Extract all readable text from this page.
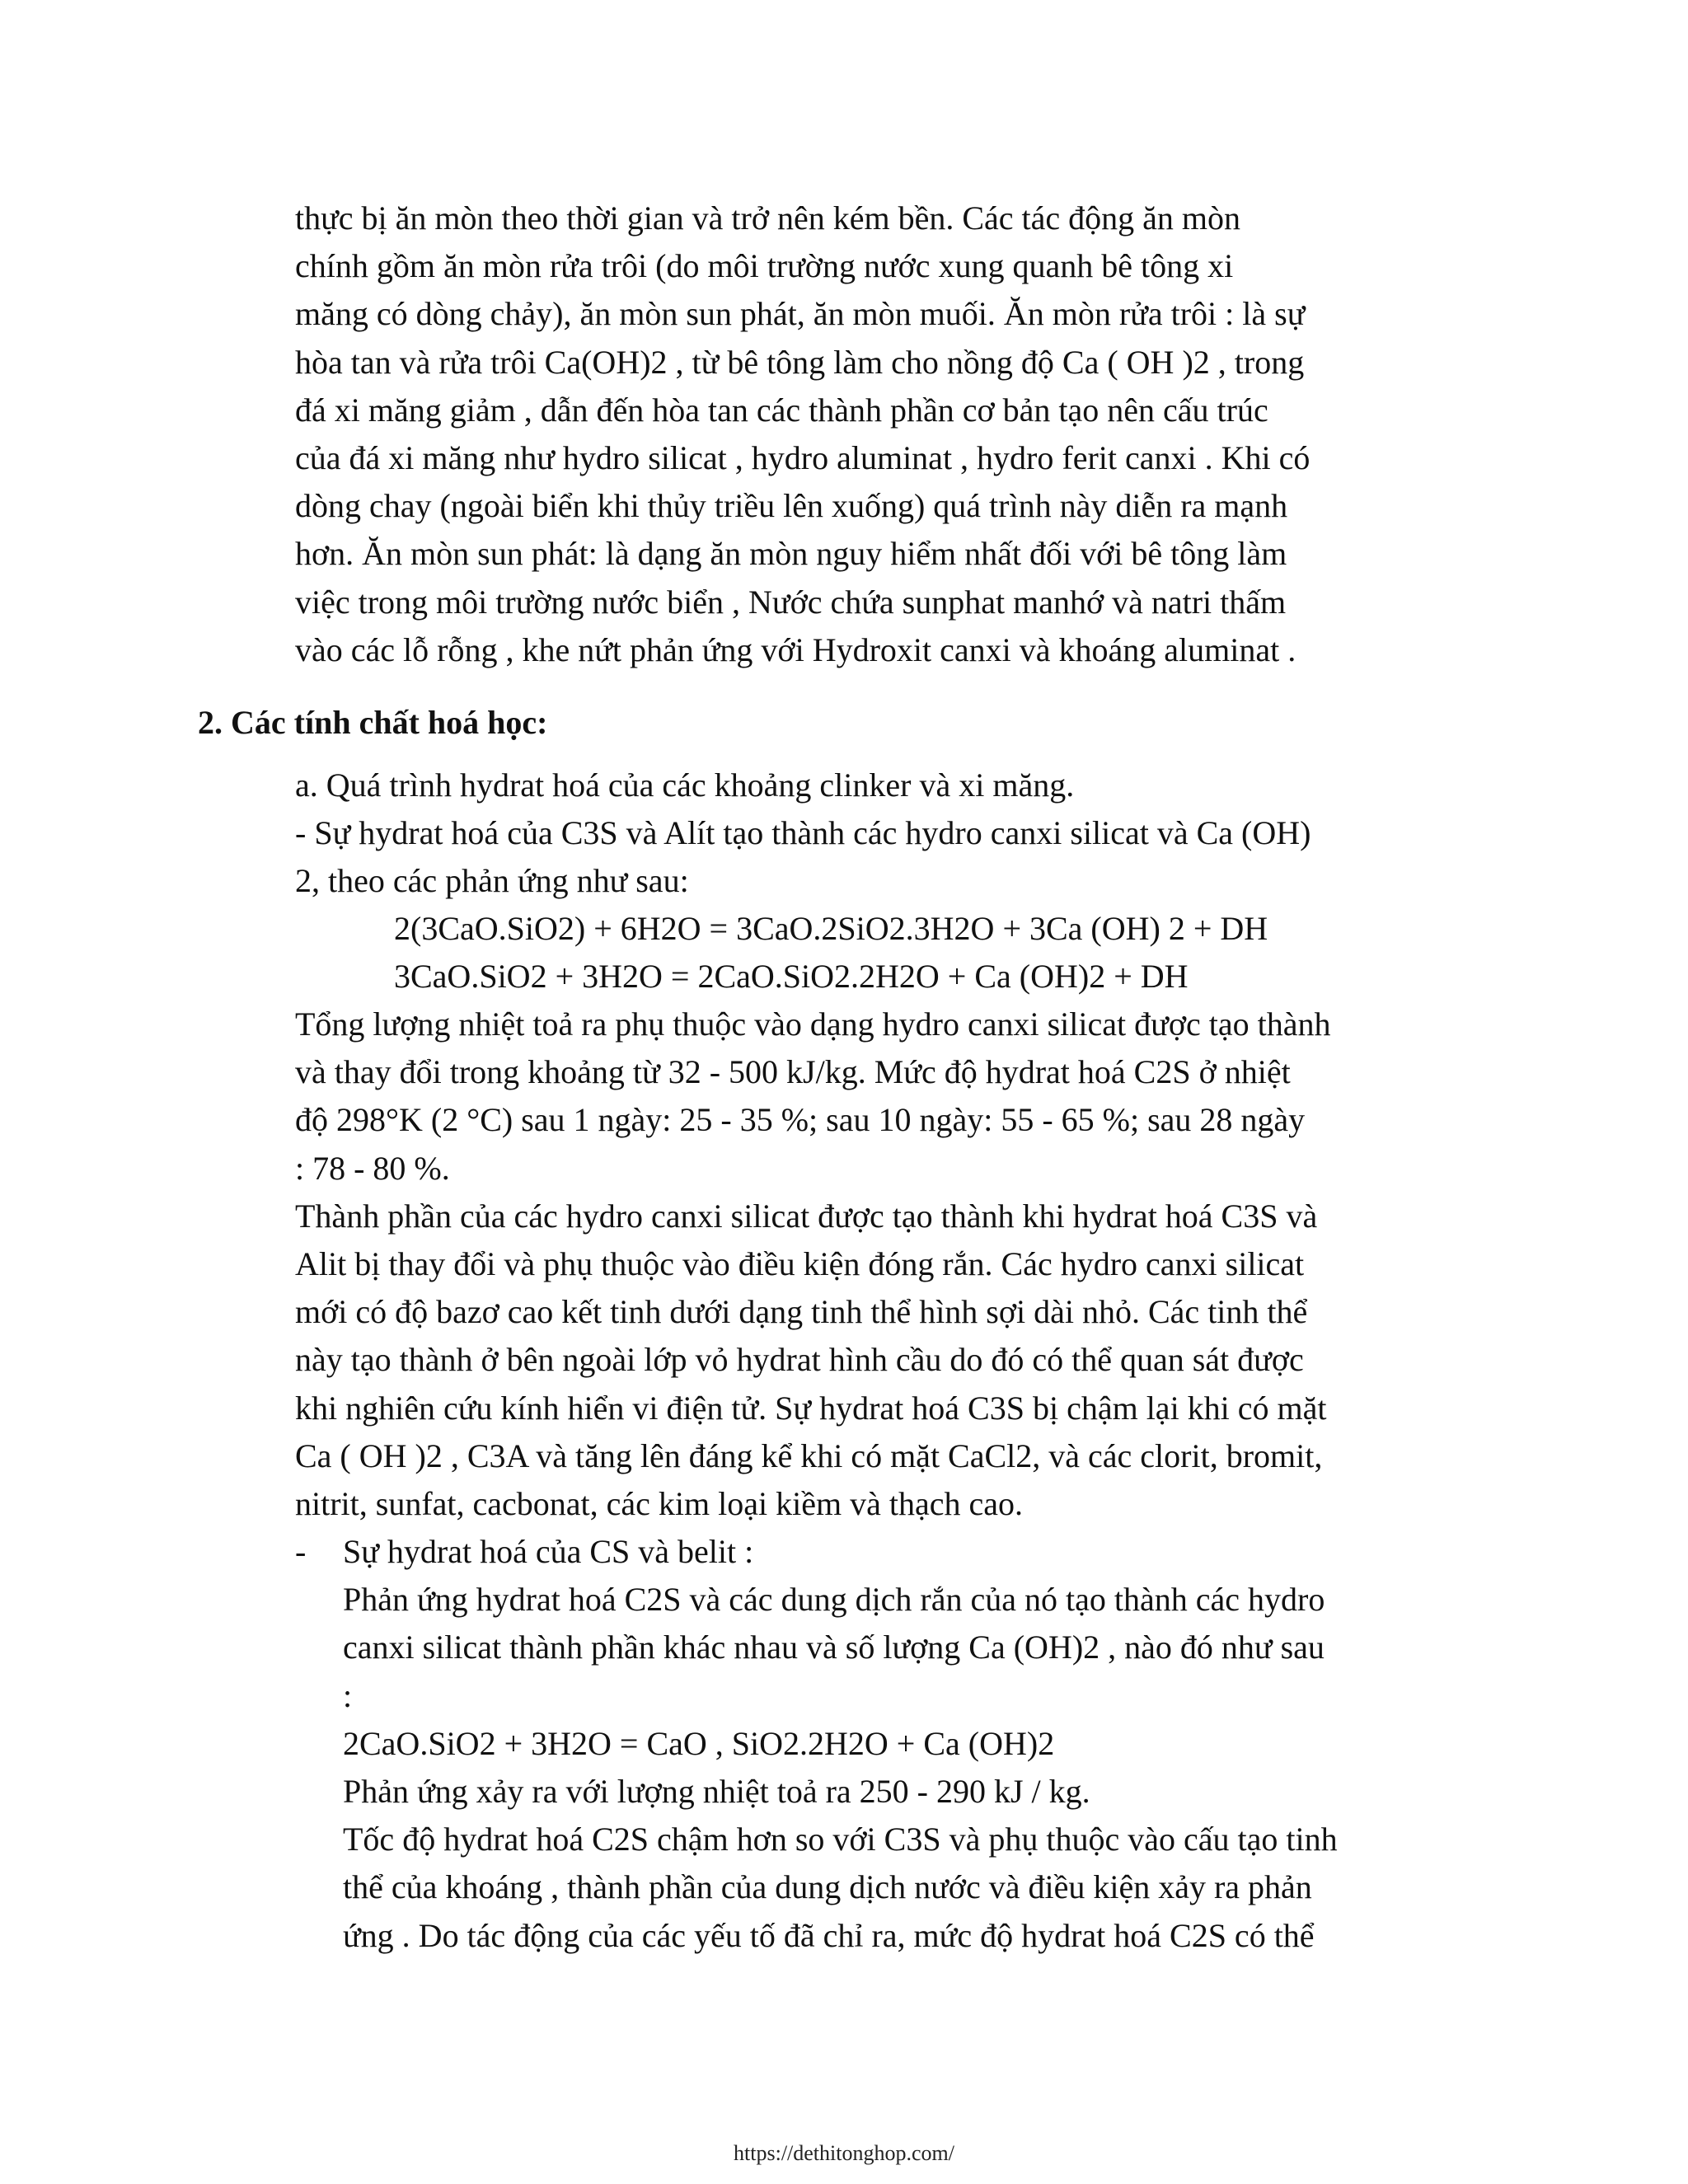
thực bị ăn mòn theo thời gian và trở nên kém bền. Các tác động ăn mòn
chính gồm ăn mòn rửa trôi (do môi trường nước xung quanh bê tông xi
măng có dòng chảy), ăn mòn sun phát, ăn mòn muối. Ăn mòn rửa trôi : là sự
hòa tan và rửa trôi Ca(OH)2 , từ bê tông làm cho nồng độ Ca ( OH )2 , trong
đá xi măng giảm , dẫn đến hòa tan các thành phần cơ bản tạo nên cấu trúc
của đá xi măng như hydro silicat , hydro aluminat , hydro ferit canxi . Khi có
dòng chay (ngoài biển khi thủy triều lên xuống) quá trình này diễn ra mạnh
hơn. Ăn mòn sun phát: là dạng ăn mòn nguy hiểm nhất đối với bê tông làm
việc trong môi trường nước biển , Nước chứa sunphat manhớ và natri thấm
vào các lỗ rỗng , khe nứt phản ứng với Hydroxit canxi và khoáng aluminat .
2. Các tính chất hoá học:
a. Quá trình hydrat hoá của các khoảng clinker và xi măng.
- Sự hydrat hoá của C3S và Alít tạo thành các hydro canxi silicat và Ca (OH)
2, theo các phản ứng như sau:
2(3CaO.SiO2) + 6H2O = 3CaO.2SiO2.3H2O + 3Ca (OH) 2 + DH
3CaO.SiO2 + 3H2O = 2CaO.SiO2.2H2O + Ca (OH)2 + DH
Tổng lượng nhiệt toả ra phụ thuộc vào dạng hydro canxi silicat được tạo thành
và thay đổi trong khoảng từ 32 - 500 kJ/kg. Mức độ hydrat hoá C2S ở nhiệt
độ 298°K (2 °C) sau 1 ngày: 25 - 35 %; sau 10 ngày: 55 - 65 %; sau 28 ngày
: 78 - 80 %.
Thành phần của các hydro canxi silicat được tạo thành khi hydrat hoá C3S và
Alit bị thay đổi và phụ thuộc vào điều kiện đóng rắn. Các hydro canxi silicat
mới có độ bazơ cao kết tinh dưới dạng tinh thể hình sợi dài nhỏ. Các tinh thể
này tạo thành ở bên ngoài lớp vỏ hydrat hình cầu do đó có thể quan sát được
khi nghiên cứu kính hiển vi điện tử. Sự hydrat hoá C3S bị chậm lại khi có mặt
Ca ( OH )2 , C3A và tăng lên đáng kể khi có mặt CaCl2, và các clorit, bromit,
nitrit, sunfat, cacbonat, các kim loại kiềm và thạch cao.
- Sự hydrat hoá của CS và belit :
Phản ứng hydrat hoá C2S và các dung dịch rắn của nó tạo thành các hydro
canxi silicat thành phần khác nhau và số lượng Ca (OH)2 , nào đó như sau
:
2CaO.SiO2 + 3H2O = CaO , SiO2.2H2O + Ca (OH)2
Phản ứng xảy ra với lượng nhiệt toả ra 250 - 290 kJ / kg.
Tốc độ hydrat hoá C2S chậm hơn so với C3S và phụ thuộc vào cấu tạo tinh
thể của khoáng , thành phần của dung dịch nước và điều kiện xảy ra phản
ứng . Do tác động của các yếu tố đã chỉ ra, mức độ hydrat hoá C2S có thể
https://dethitonghop.com/
